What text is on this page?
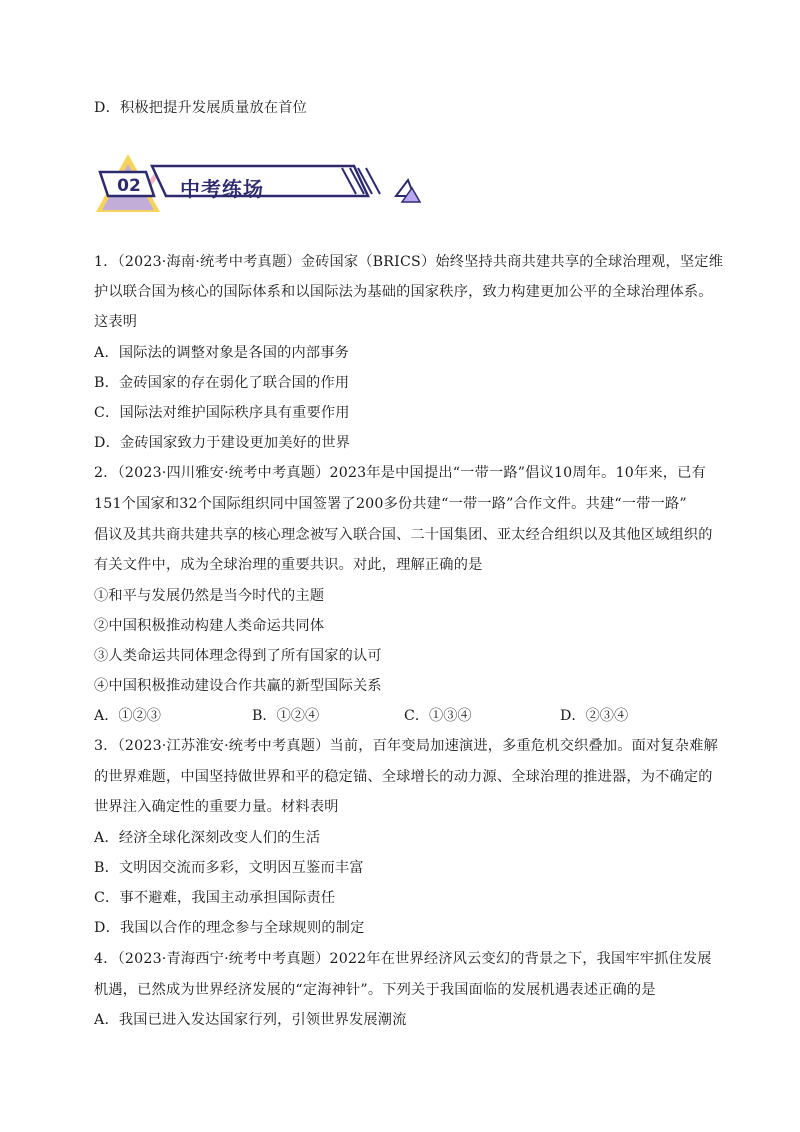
D．积极把提升发展质量放在首位
02	中考练场
1．（2023·海南·统考中考真题）金砖国家（BRICS）始终坚持共商共建共享的全球治理观，坚定维
护以联合国为核心的国际体系和以国际法为基础的国家秩序，致力构建更加公平的全球治理体系。
这表明
A．国际法的调整对象是各国的内部事务
B．金砖国家的存在弱化了联合国的作用
C．国际法对维护国际秩序具有重要作用
D．金砖国家致力于建设更加美好的世界
2．（2023·四川雅安·统考中考真题）2023年是中国提出“一带一路”倡议10周年。10年来，已有
151个国家和32个国际组织同中国签署了200多份共建“一带一路”合作文件。共建“一带一路”
倡议及其共商共建共享的核心理念被写入联合国、二十国集团、亚太经合组织以及其他区域组织的
有关文件中，成为全球治理的重要共识。对此，理解正确的是
①和平与发展仍然是当今时代的主题
②中国积极推动构建人类命运共同体
③人类命运共同体理念得到了所有国家的认可
④中国积极推动建设合作共赢的新型国际关系
A．①②③	B．①②④	C．①③④	D．②③④
3．（2023·江苏淮安·统考中考真题）当前，百年变局加速演进，多重危机交织叠加。面对复杂难解
的世界难题，中国坚持做世界和平的稳定锚、全球增长的动力源、全球治理的推进器，为不确定的
世界注入确定性的重要力量。材料表明
A．经济全球化深刻改变人们的生活
B．文明因交流而多彩，文明因互鉴而丰富
C．事不避难，我国主动承担国际责任
D．我国以合作的理念参与全球规则的制定
4．（2023·青海西宁·统考中考真题）2022年在世界经济风云变幻的背景之下，我国牢牢抓住发展
机遇，已然成为世界经济发展的“定海神针”。下列关于我国面临的发展机遇表述正确的是
A．我国已进入发达国家行列，引领世界发展潮流
